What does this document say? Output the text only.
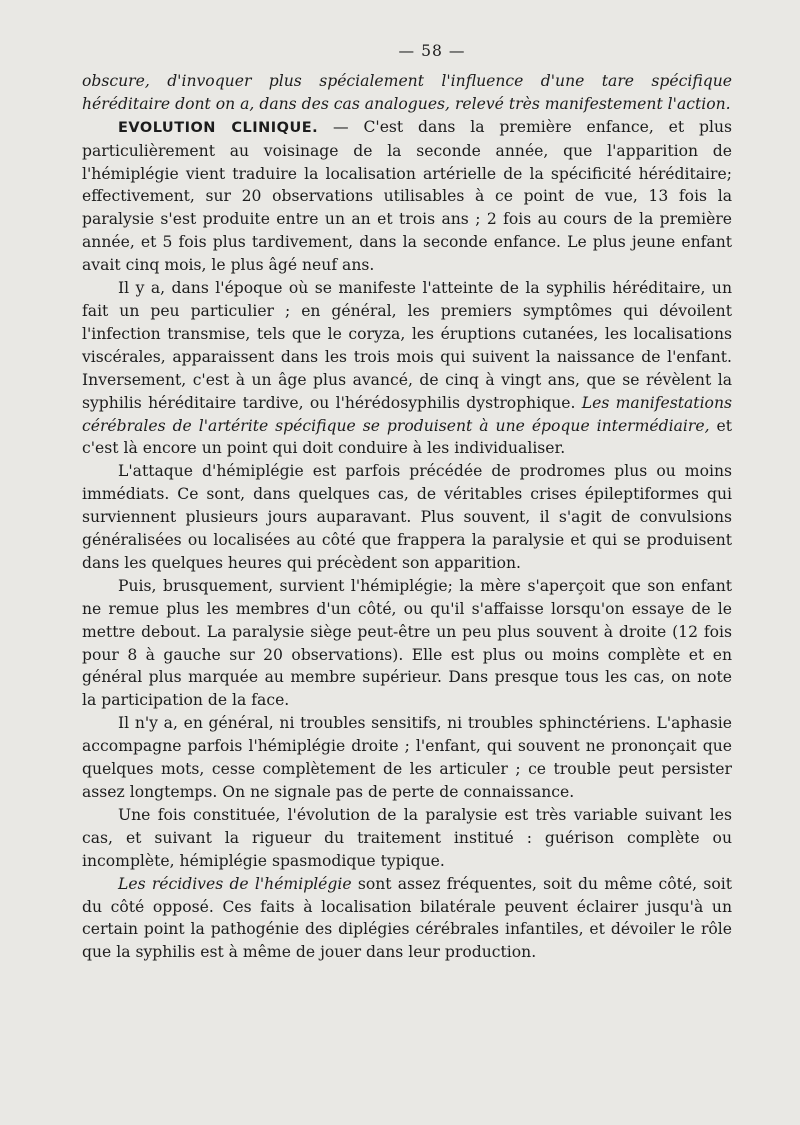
— 58 —

obscure, d'invoquer plus spécialement l'influence d'une tare spécifique héréditaire dont on a, dans des cas analogues, relevé très manifestement l'action.

EVOLUTION CLINIQUE. — C'est dans la première enfance, et plus particulièrement au voisinage de la seconde année, que l'apparition de l'hémiplégie vient traduire la localisation artérielle de la spécificité héréditaire; effectivement, sur 20 observations utilisables à ce point de vue, 13 fois la paralysie s'est produite entre un an et trois ans ; 2 fois au cours de la première année, et 5 fois plus tardivement, dans la seconde enfance. Le plus jeune enfant avait cinq mois, le plus âgé neuf ans.

Il y a, dans l'époque où se manifeste l'atteinte de la syphilis héréditaire, un fait un peu particulier ; en général, les premiers symptômes qui dévoilent l'infection transmise, tels que le coryza, les éruptions cutanées, les localisations viscérales, apparaissent dans les trois mois qui suivent la naissance de l'enfant. Inversement, c'est à un âge plus avancé, de cinq à vingt ans, que se révèlent la syphilis héréditaire tardive, ou l'hérédosyphilis dystrophique. Les manifestations cérébrales de l'artérite spécifique se produisent à une époque intermédiaire, et c'est là encore un point qui doit conduire à les individualiser.

L'attaque d'hémiplégie est parfois précédée de prodromes plus ou moins immédiats. Ce sont, dans quelques cas, de véritables crises épileptiformes qui surviennent plusieurs jours auparavant. Plus souvent, il s'agit de convulsions généralisées ou localisées au côté que frappera la paralysie et qui se produisent dans les quelques heures qui précèdent son apparition.

Puis, brusquement, survient l'hémiplégie; la mère s'aperçoit que son enfant ne remue plus les membres d'un côté, ou qu'il s'affaisse lorsqu'on essaye de le mettre debout. La paralysie siège peut-être un peu plus souvent à droite (12 fois pour 8 à gauche sur 20 observations). Elle est plus ou moins complète et en général plus marquée au membre supérieur. Dans presque tous les cas, on note la participation de la face.

Il n'y a, en général, ni troubles sensitifs, ni troubles sphinctériens. L'aphasie accompagne parfois l'hémiplégie droite ; l'enfant, qui souvent ne prononçait que quelques mots, cesse complètement de les articuler ; ce trouble peut persister assez longtemps. On ne signale pas de perte de connaissance.

Une fois constituée, l'évolution de la paralysie est très variable suivant les cas, et suivant la rigueur du traitement institué : guérison complète ou incomplète, hémiplégie spasmodique typique.

Les récidives de l'hémiplégie sont assez fréquentes, soit du même côté, soit du côté opposé. Ces faits à localisation bilatérale peuvent éclairer jusqu'à un certain point la pathogénie des diplégies cérébrales infantiles, et dévoiler le rôle que la syphilis est à même de jouer dans leur production.
